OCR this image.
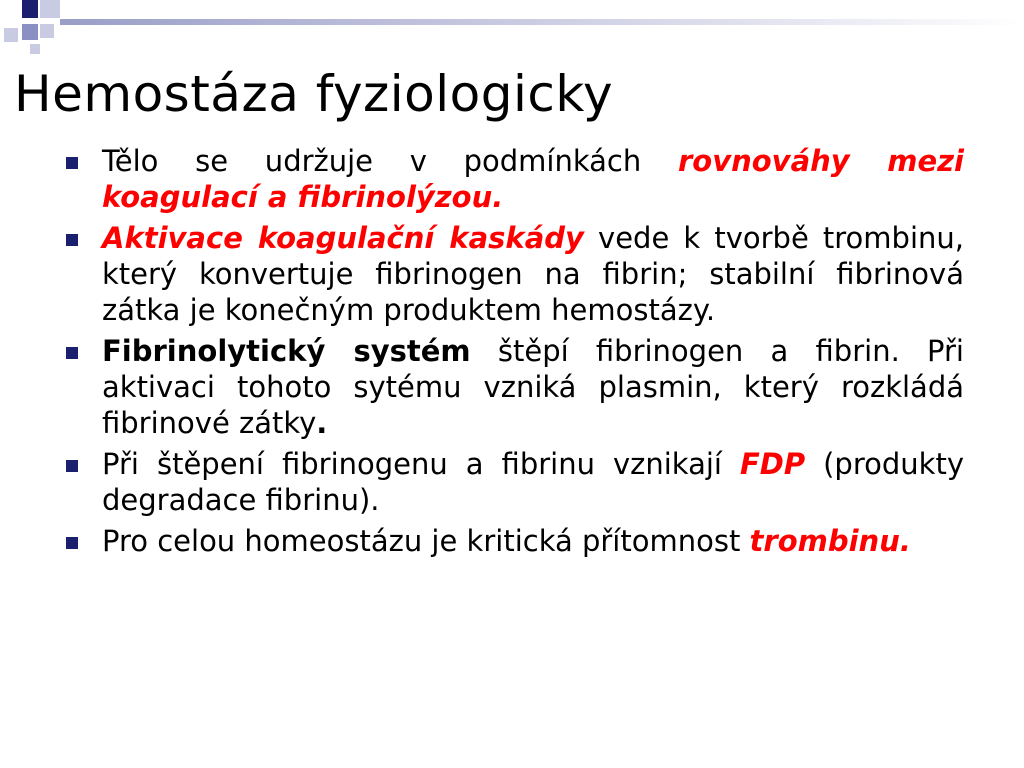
Hemostáza fyziologicky
Tělo se udržuje v podmínkách rovnováhy mezi koagulací a fibrinolýzou.
Aktivace koagulační kaskády vede k tvorbě trombinu, který konvertuje fibrinogen na fibrin; stabilní fibrinová zátka je konečným produktem hemostázy.
Fibrinolytický systém štěpí fibrinogen a fibrin. Při aktivaci tohoto sytému vzniká plasmin, který rozkládá fibrinové zátky.
Při štěpení fibrinogenu a fibrinu vznikají FDP (produkty degradace fibrinu).
Pro celou homeostázu je kritická přítomnost trombinu.
